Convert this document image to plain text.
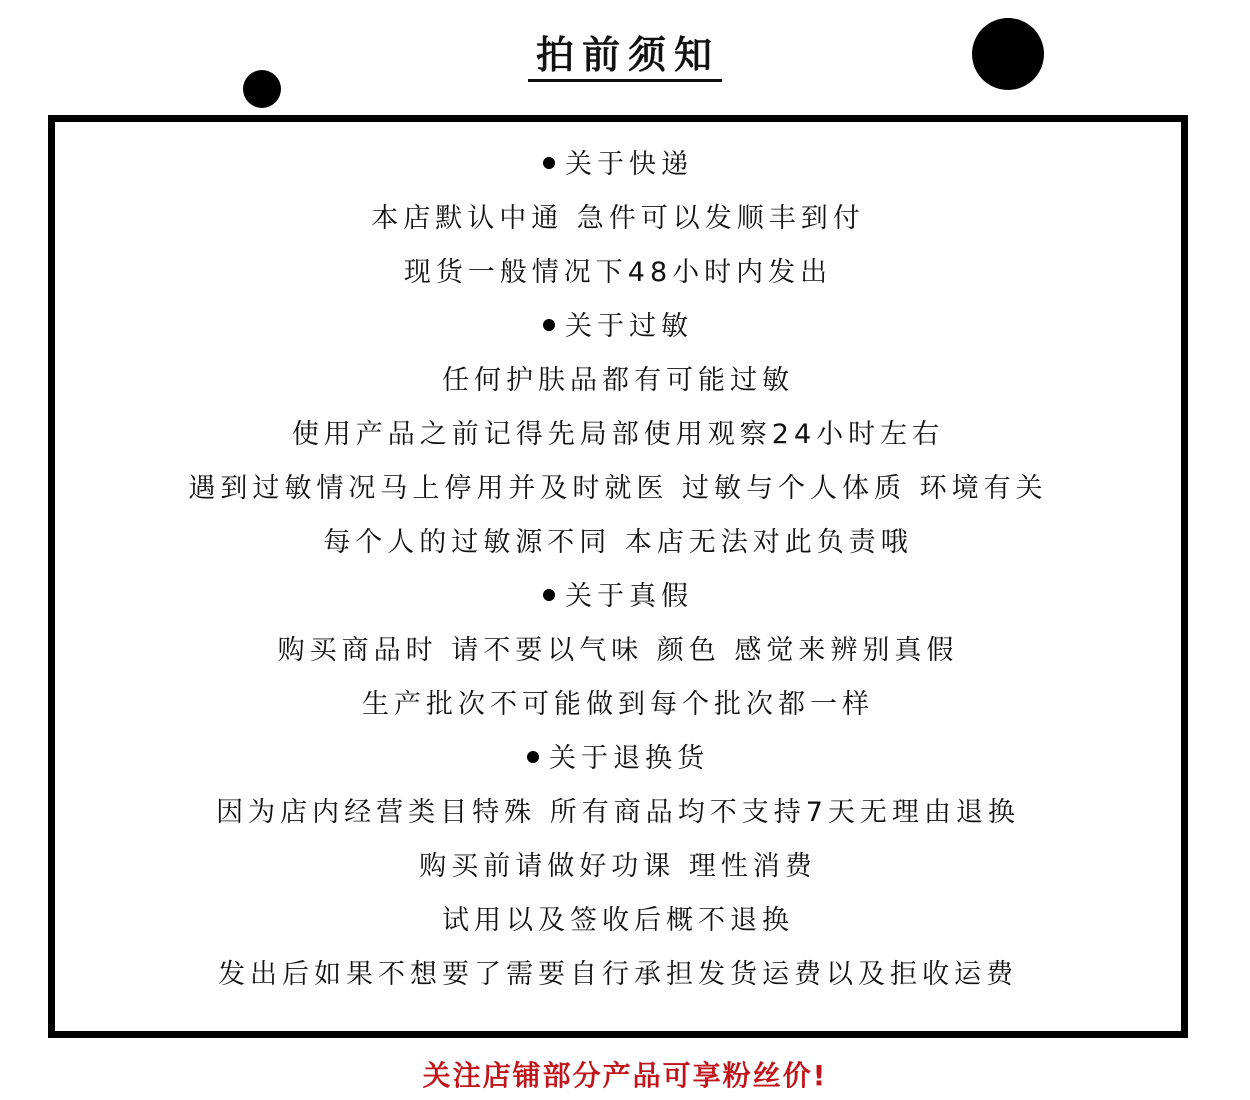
拍前须知
关于快递
本店默认中通 急件可以发顺丰到付
现货一般情况下48小时内发出
关于过敏
任何护肤品都有可能过敏
使用产品之前记得先局部使用观察24小时左右
遇到过敏情况马上停用并及时就医 过敏与个人体质 环境有关
每个人的过敏源不同 本店无法对此负责哦
关于真假
购买商品时 请不要以气味 颜色 感觉来辨别真假
生产批次不可能做到每个批次都一样
关于退换货
因为店内经营类目特殊 所有商品均不支持7天无理由退换
购买前请做好功课 理性消费
试用以及签收后概不退换
发出后如果不想要了需要自行承担发货运费以及拒收运费
关注店铺部分产品可享粉丝价!
